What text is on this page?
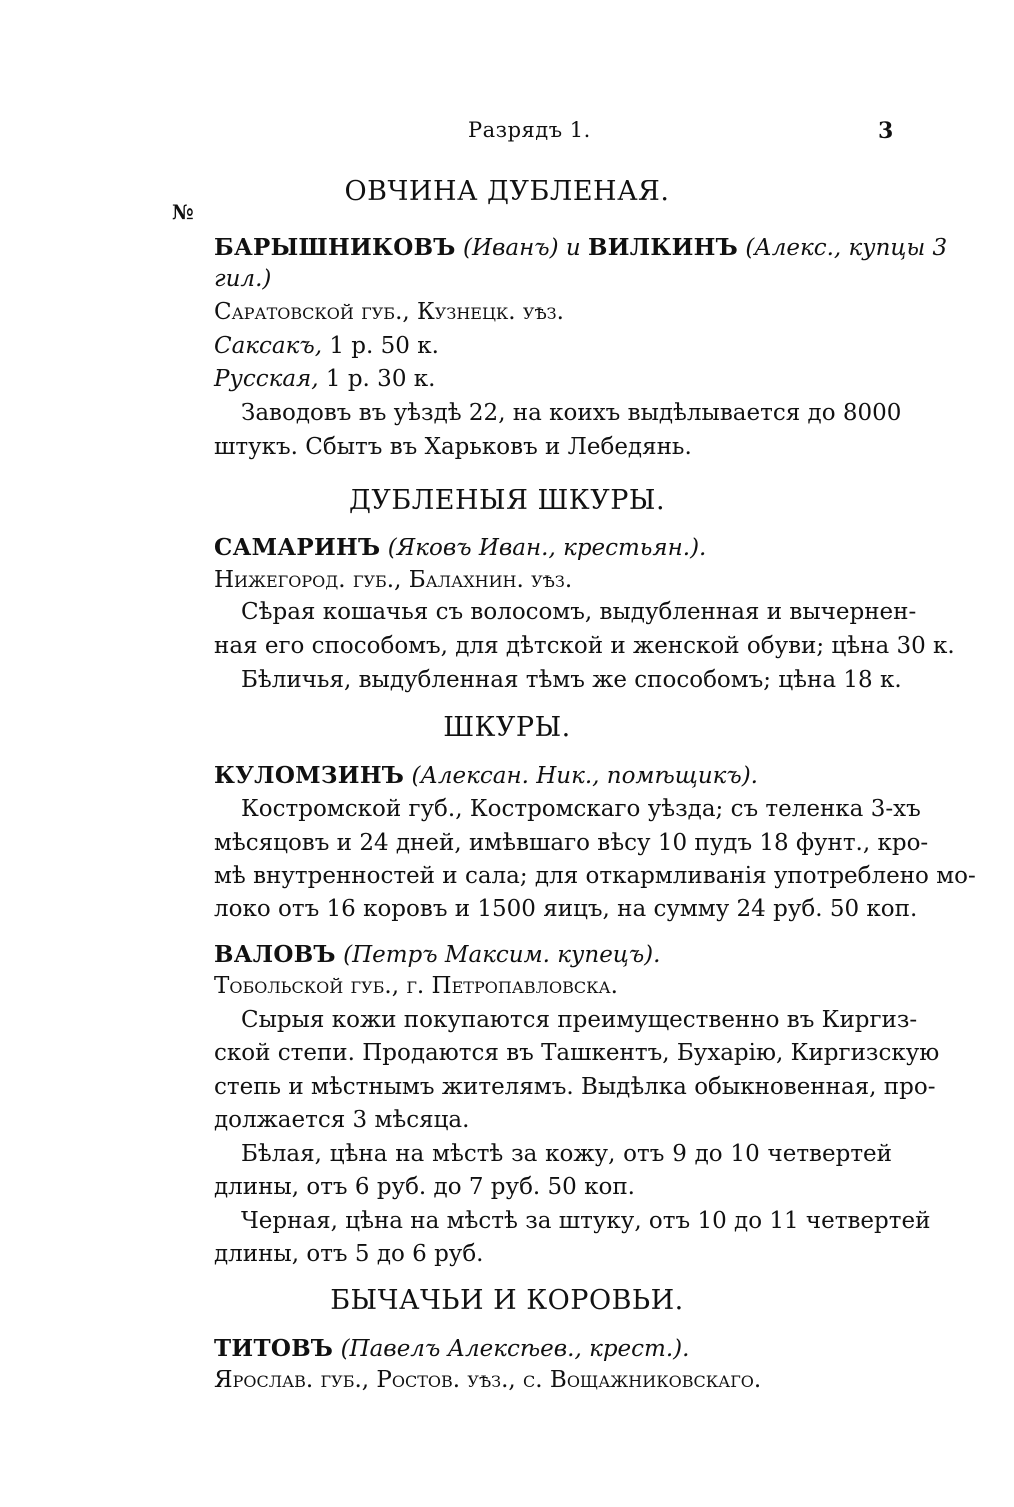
Разрядъ 1.	3
№
ОВЧИНА ДУБЛЕНАЯ.
БАРЫШНИКОВЪ (Иванъ) и ВИЛКИНЪ (Алекс., купцы 3
гил.)
Саратовской губ., Кузнецк. уѣз.
Саксакъ, 1 р. 50 к.
Русская, 1 р. 30 к.
Заводовъ въ уѣздѣ 22, на коихъ выдѣлывается до 8000
штукъ. Сбытъ въ Харьковъ и Лебедянь.
ДУБЛЕНЫЯ ШКУРЫ.
САМАРИНЪ (Яковъ Иван., крестьян.).
Нижегород. губ., Балахнин. уѣз.
Сѣрая кошачья съ волосомъ, выдубленная и вычернен-
ная его способомъ, для дѣтской и женской обуви; цѣна 30 к.
Бѣличья, выдубленная тѣмъ же способомъ; цѣна 18 к.
ШКУРЫ.
КУЛОМЗИНЪ (Алексан. Ник., помѣщикъ).
Костромской губ., Костромскаго уѣзда; съ теленка 3-хъ
мѣсяцовъ и 24 дней, имѣвшаго вѣсу 10 пудъ 18 фунт., кро-
мѣ внутренностей и сала; для откармливанія употреблено мо-
локо отъ 16 коровъ и 1500 яицъ, на сумму 24 руб. 50 коп.
ВАЛОВЪ (Петръ Максим. купецъ).
Тобольской губ., г. Петропавловска.
Сырыя кожи покупаются преимущественно въ Киргиз-
ской степи. Продаются въ Ташкентъ, Бухарію, Киргизскую
степь и мѣстнымъ жителямъ. Выдѣлка обыкновенная, про-
должается 3 мѣсяца.
Бѣлая, цѣна на мѣстѣ за кожу, отъ 9 до 10 четвертей
длины, отъ 6 руб. до 7 руб. 50 коп.
Черная, цѣна на мѣстѣ за штуку, отъ 10 до 11 четвертей
длины, отъ 5 до 6 руб.
БЫЧАЧЬИ И КОРОВЬИ.
ТИТОВЪ (Павелъ Алексѣев., крест.).
Ярослав. губ., Ростов. уѣз., с. Вощажниковскаго.
